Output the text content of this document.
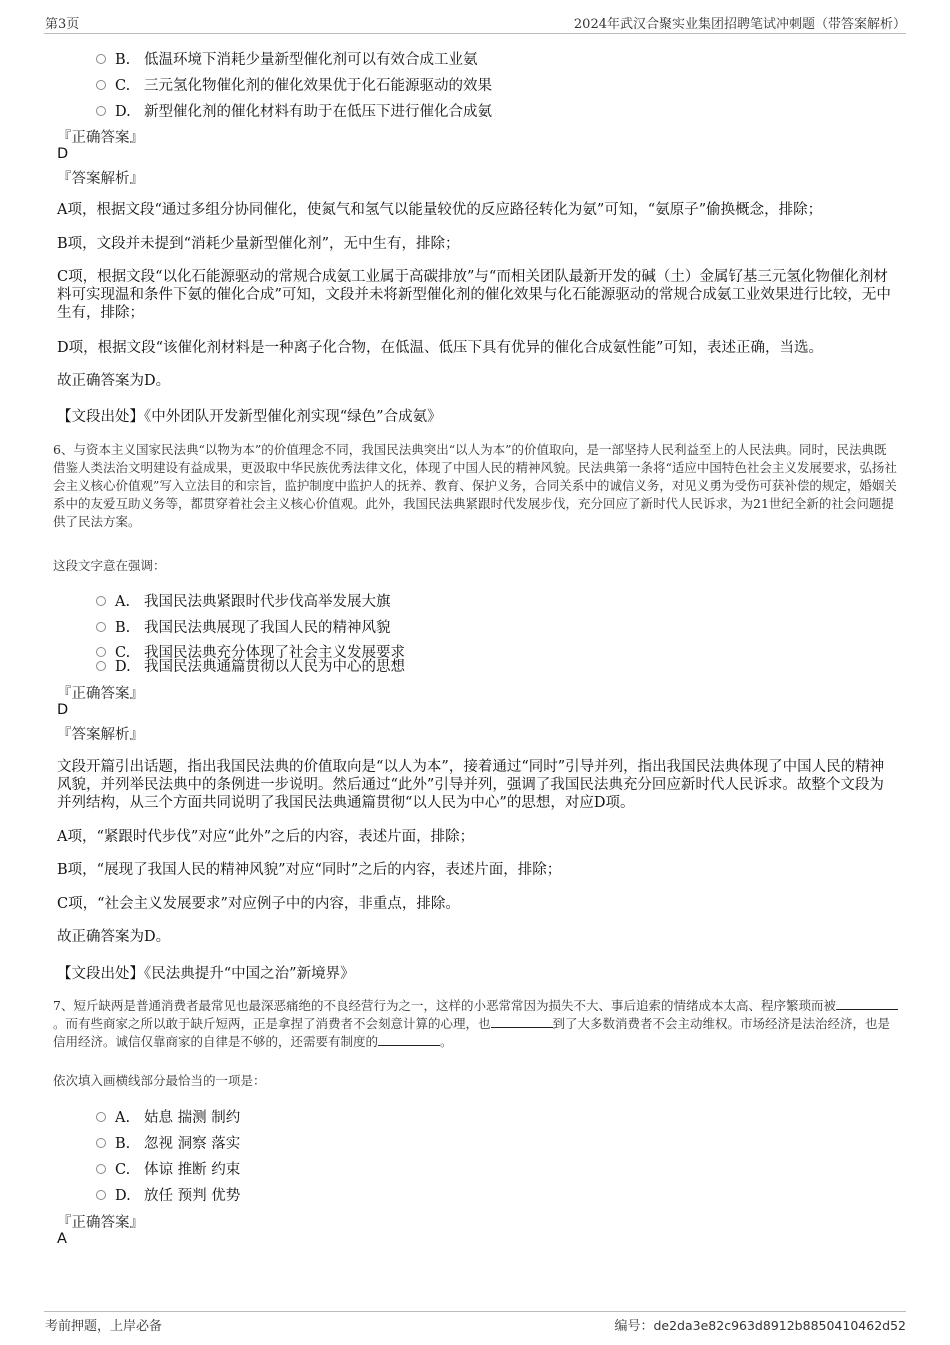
第3页	2024年武汉合聚实业集团招聘笔试冲刺题（带答案解析）
B. 低温环境下消耗少量新型催化剂可以有效合成工业氨
C. 三元氢化物催化剂的催化效果优于化石能源驱动的效果
D. 新型催化剂的催化材料有助于在低压下进行催化合成氨
『正确答案』
D
『答案解析』
A项，根据文段“通过多组分协同催化，使氮气和氢气以能量较优的反应路径转化为氨”可知，“氨原子”偷换概念，排除；
B项，文段并未提到“消耗少量新型催化剂”，无中生有，排除；
C项，根据文段“以化石能源驱动的常规合成氨工业属于高碳排放”与“而相关团队最新开发的碱（土）金属钌基三元氢化物催化剂材料可实现温和条件下氨的催化合成”可知，文段并未将新型催化剂的催化效果与化石能源驱动的常规合成氨工业效果进行比较，无中生有，排除；
D项，根据文段“该催化剂材料是一种离子化合物，在低温、低压下具有优异的催化合成氨性能”可知，表述正确，当选。
故正确答案为D。
【文段出处】《中外团队开发新型催化剂实现“绿色”合成氨》
6、与资本主义国家民法典“以物为本”的价值理念不同，我国民法典突出“以人为本”的价值取向，是一部坚持人民利益至上的人民法典。同时，民法典既借鉴人类法治文明建设有益成果，更汲取中华民族优秀法律文化，体现了中国人民的精神风貌。民法典第一条将“适应中国特色社会主义发展要求，弘扬社会主义核心价值观”写入立法目的和宗旨，监护制度中监护人的抚养、教育、保护义务，合同关系中的诚信义务，对见义勇为受伤可获补偿的规定，婚姻关系中的友爱互助义务等，都贯穿着社会主义核心价值观。此外，我国民法典紧跟时代发展步伐，充分回应了新时代人民诉求，为21世纪全新的社会问题提供了民法方案。
这段文字意在强调：
A. 我国民法典紧跟时代步伐高举发展大旗
B. 我国民法典展现了我国人民的精神风貌
C. 我国民法典充分体现了社会主义发展要求
D. 我国民法典通篇贯彻以人民为中心的思想
『正确答案』
D
『答案解析』
文段开篇引出话题，指出我国民法典的价值取向是“以人为本”，接着通过“同时”引导并列，指出我国民法典体现了中国人民的精神风貌，并列举民法典中的条例进一步说明。然后通过“此外”引导并列，强调了我国民法典充分回应新时代人民诉求。故整个文段为并列结构，从三个方面共同说明了我国民法典通篇贯彻“以人民为中心”的思想，对应D项。
A项，“紧跟时代步伐”对应“此外”之后的内容，表述片面，排除；
B项，“展现了我国人民的精神风貌”对应“同时”之后的内容，表述片面，排除；
C项，“社会主义发展要求”对应例子中的内容，非重点，排除。
故正确答案为D。
【文段出处】《民法典提升“中国之治”新境界》
7、短斤缺两是普通消费者最常见也最深恶痛绝的不良经营行为之一，这样的小恶常常因为损失不大、事后追索的情绪成本太高、程序繁琐而被。而有些商家之所以敢于缺斤短两，正是拿捏了消费者不会刻意计算的心理，也	到了大多数消费者不会主动维权。市场经济是法治经济，也是信用经济。诚信仅靠商家的自律是不够的，还需要有制度的	。
依次填入画横线部分最恰当的一项是：
A. 姑息 揣测 制约
B. 忽视 洞察 落实
C. 体谅 推断 约束
D. 放任 预判 优势
『正确答案』
A
考前押题，上岸必备	编号：de2da3e82c963d8912b8850410462d52
